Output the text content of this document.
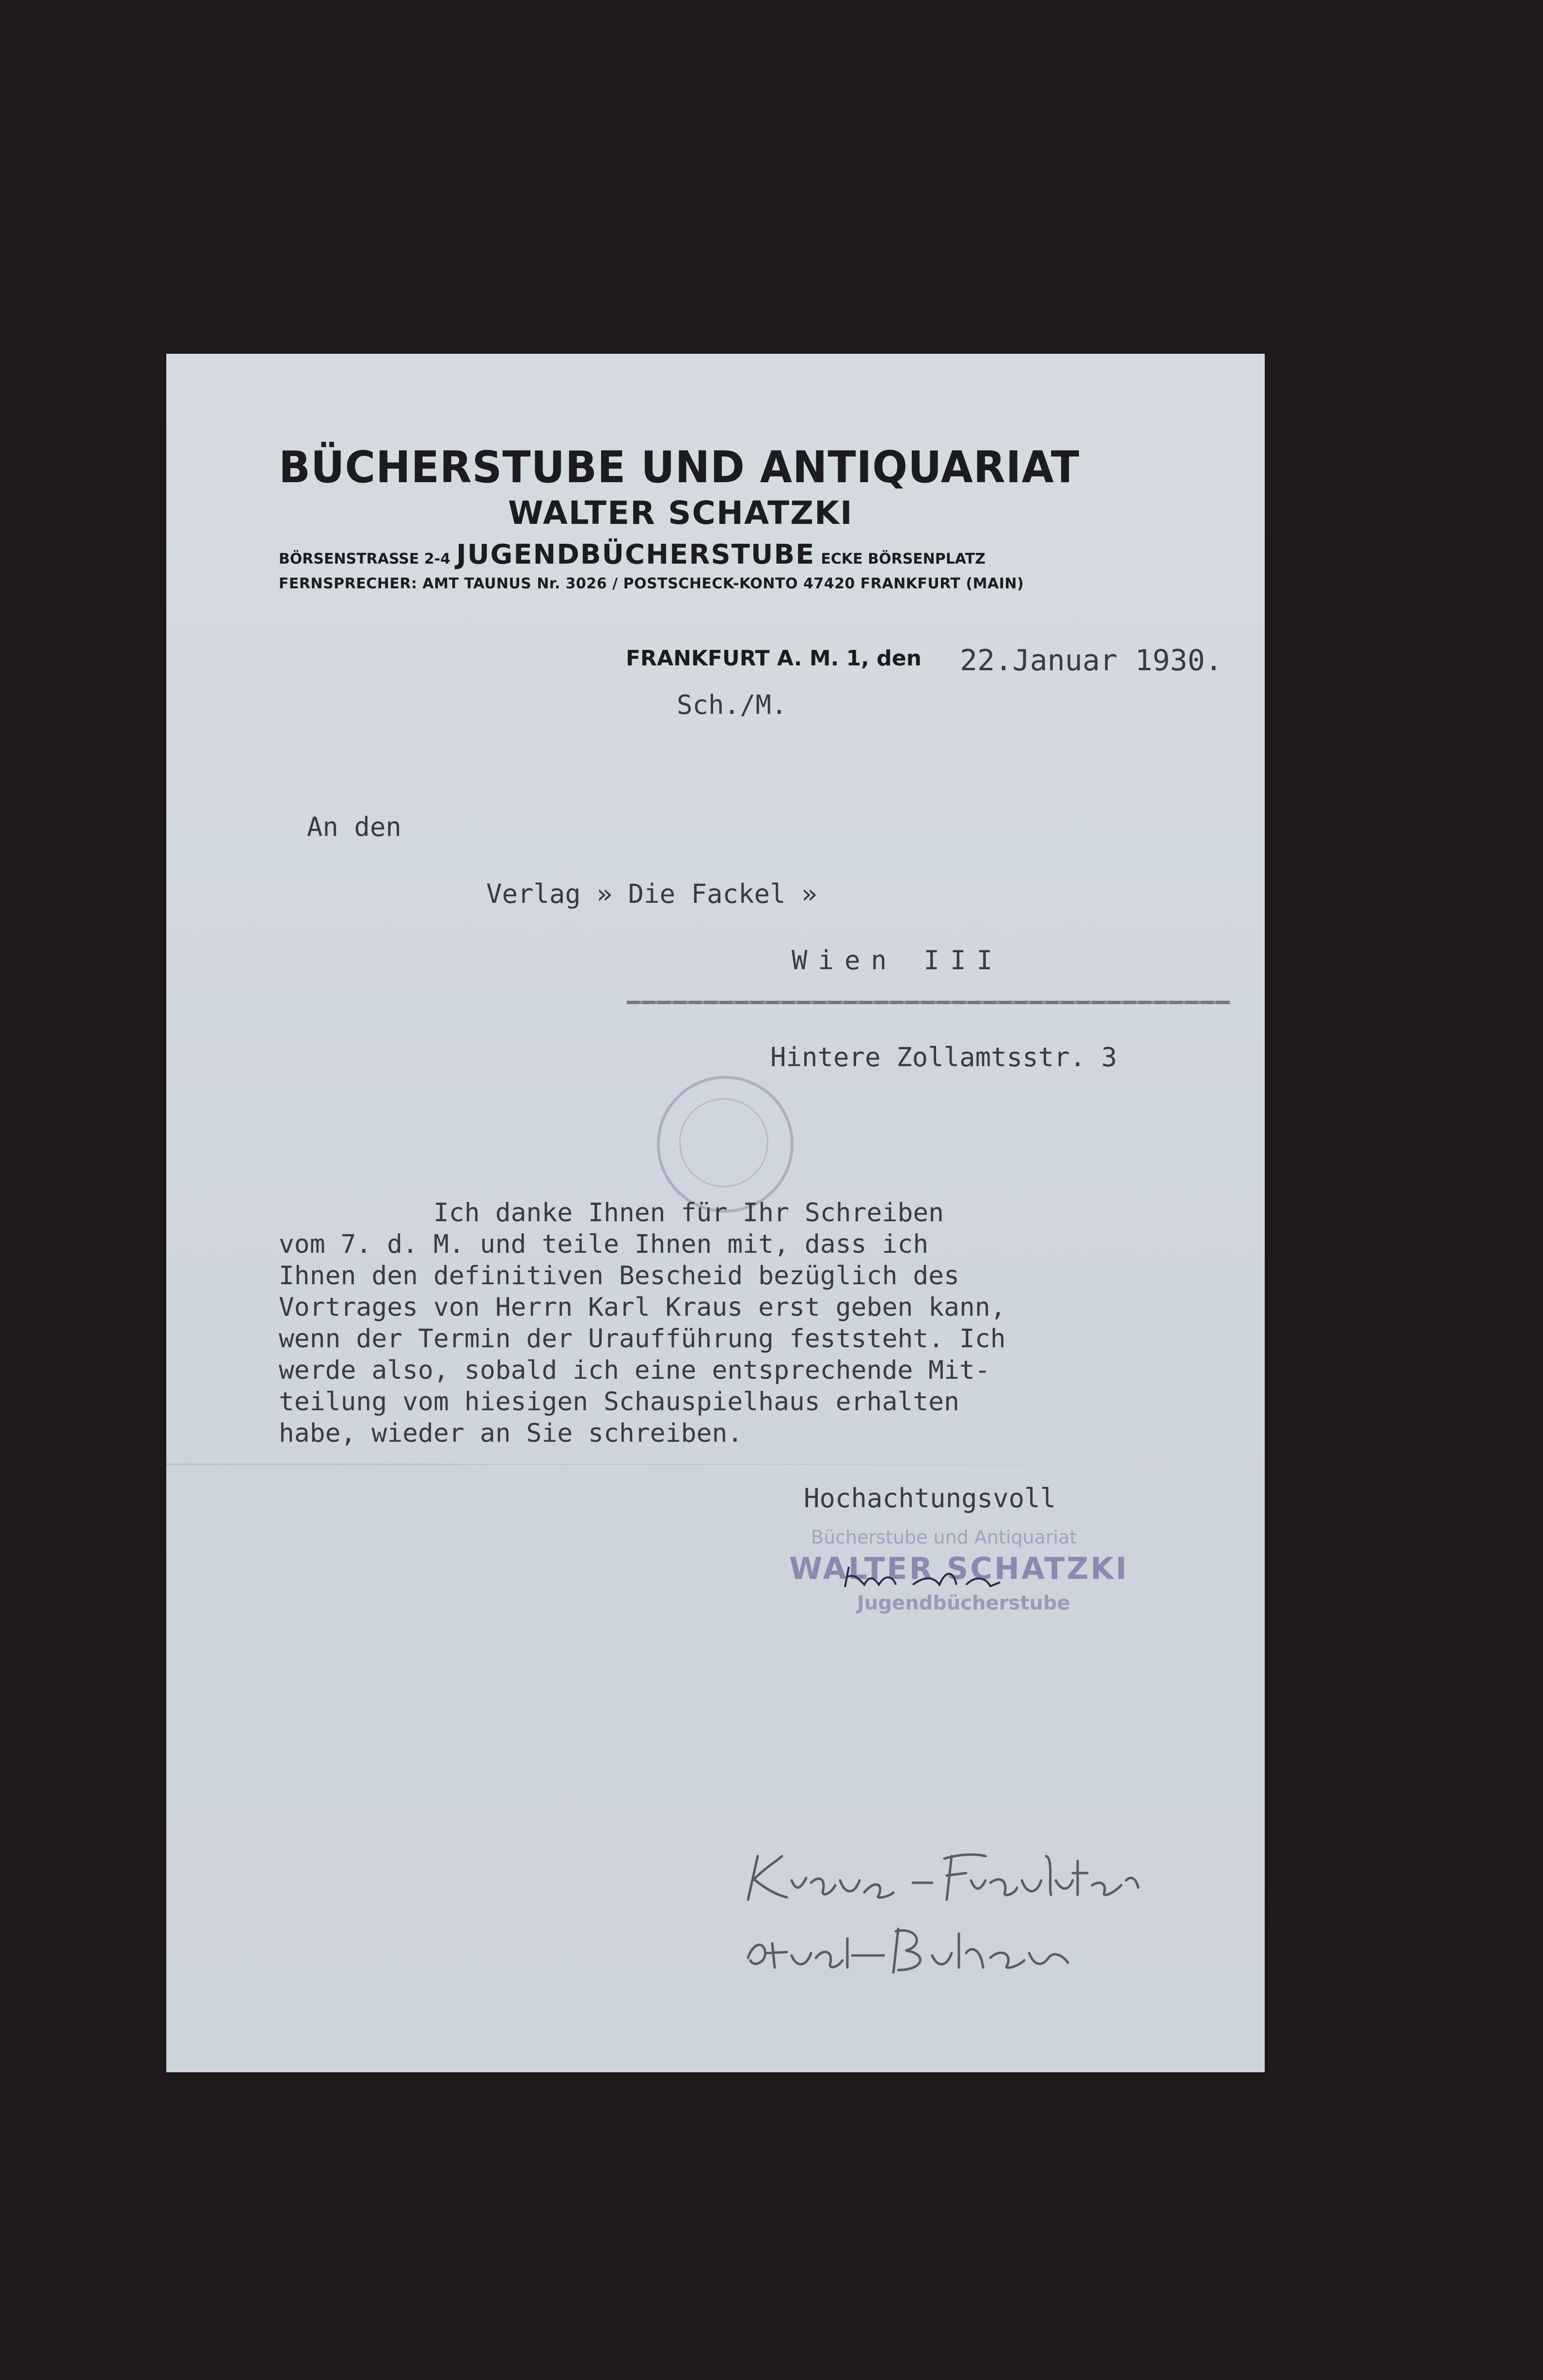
BÜCHERSTUBE UND ANTIQUARIAT
WALTER SCHATZKI
BÖRSENSTRASSE 2-4 JUGENDBÜCHERSTUBE ECKE BÖRSENPLATZ
FERNSPRECHER: AMT TAUNUS Nr. 3026 / POSTSCHECK-KONTO 47420 FRANKFURT (MAIN)
FRANKFURT A. M. 1, den 22.Januar 1930.
Sch./M.
An den
Verlag » Die Fackel »
Wien III
Hintere Zollamtsstr. 3
Ich danke Ihnen für Ihr Schreiben
vom 7. d. M. und teile Ihnen mit, dass ich
Ihnen den definitiven Bescheid bezüglich des
Vortrages von Herrn Karl Kraus erst geben kann,
wenn der Termin der Uraufführung feststeht. Ich
werde also, sobald ich eine entsprechende Mit-
teilung vom hiesigen Schauspielhaus erhalten
habe, wieder an Sie schreiben.
Hochachtungsvoll
Bücherstube und Antiquariat
WALTER SCHATZKI
Jugendbücherstube
